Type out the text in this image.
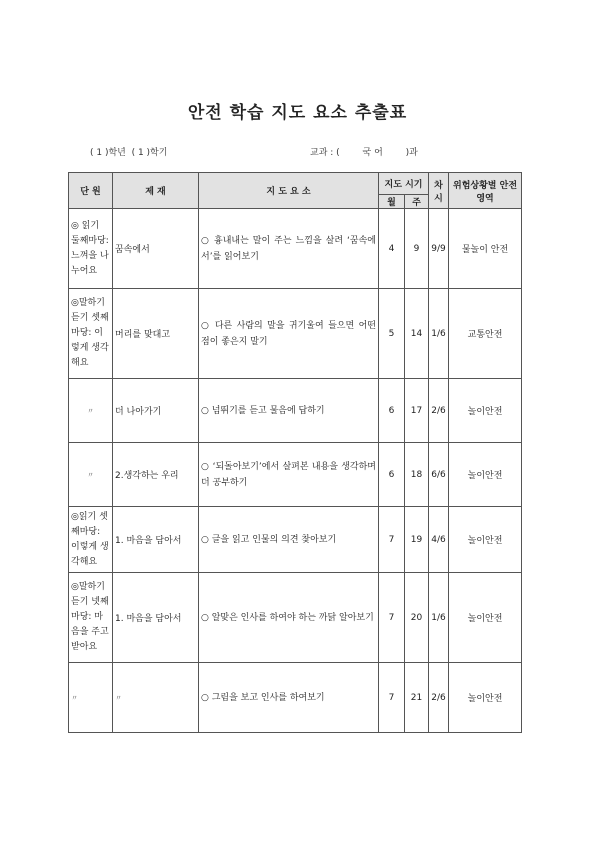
안전 학습 지도 요소 추출표
( 1 )학년  ( 1 )학기	교과 : (        국 어        )과
단 원	제 재	지 도 요 소	지도 시기		차 시	위험상황별 안전영역
			월	주		
◎ 읽기 둘째마당: 느껴을 나누어요	꿈속에서	○ 흉내내는 말이 주는 느낌을 살려 ‘꿈속에서’를 읽어보기	4	9	9/9	물놀이 안전
◎말하기 듣기 셋째마당: 이렇게 생각해요	머리를 맞대고	○ 다른 사람의 말을 귀기울여 들으면 어떤 점이 좋은지 말기	5	14	1/6	교통안전
〃	더 나아가기	○ 넘뛰기를 듣고 물음에 답하기	6	17	2/6	놀이안전
〃	2.생각하는 우리	○ ‘되돌아보기’에서 살펴본 내용을 생각하며 더 공부하기	6	18	6/6	놀이안전
◎읽기 셋째마당: 이렇게 생각해요	1. 마음을 담아서	○ 글을 읽고 인물의 의견 찾아보기	7	19	4/6	놀이안전
◎말하기 듣기 넷째마당: 마음을 주고 받아요	1. 마음을 담아서	○ 알맞은 인사를 하여야 하는 까닭 알아보기	7	20	1/6	놀이안전
〃	〃	○ 그림을 보고 인사를 하여보기	7	21	2/6	놀이안전
